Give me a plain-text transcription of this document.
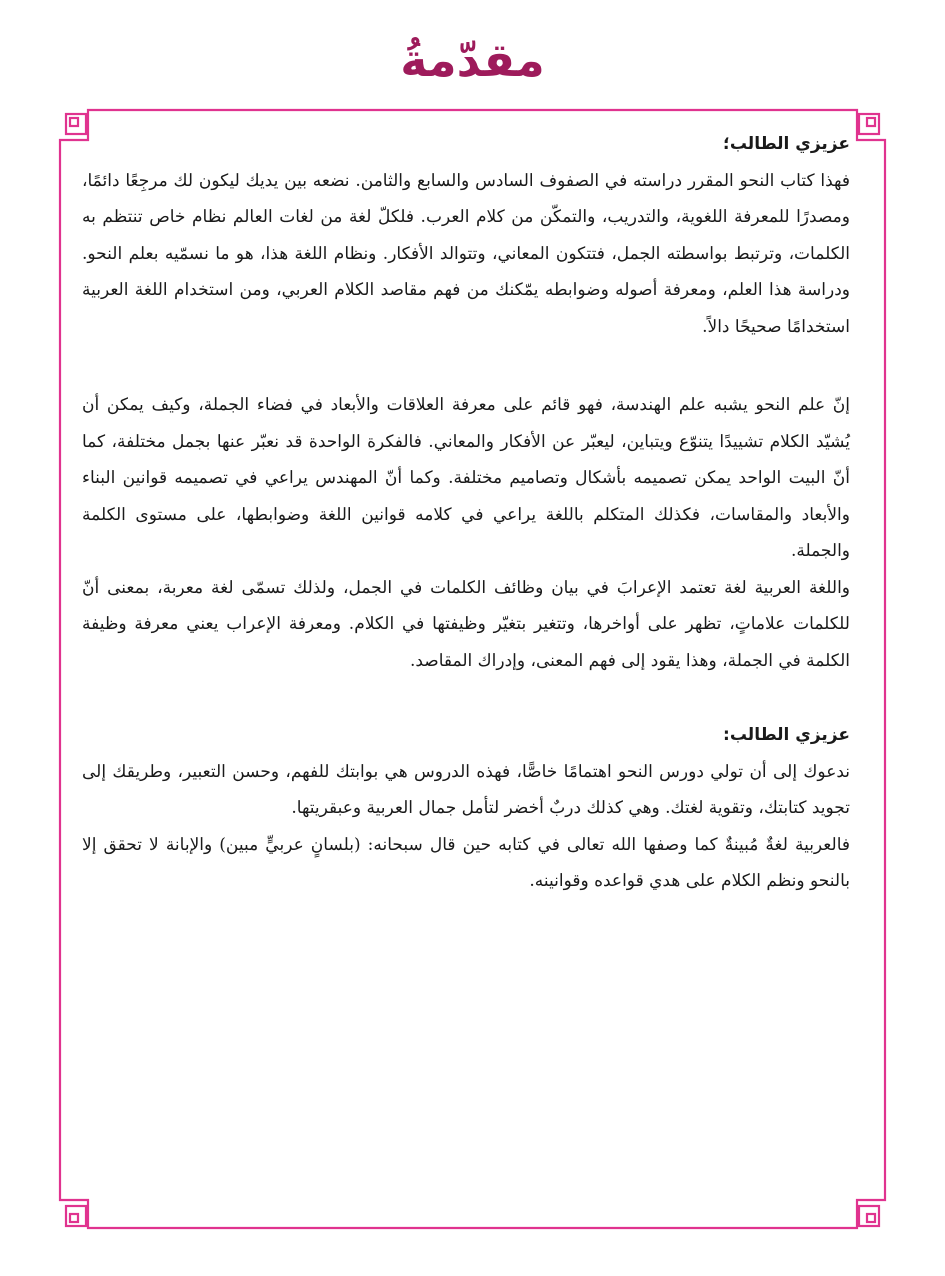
مقدّمةُ

عزيزي الطالب؛

فهذا كتاب النحو المقرر دراسته في الصفوف السادس والسابع والثامن. نضعه بين يديك ليكون لك مرجِعًا دائمًا، ومصدرًا للمعرفة اللغوية، والتدريب، والتمكّن من كلام العرب. فلكلّ لغة من لغات العالم نظام خاص تنتظم به الكلمات، وترتبط بواسطته الجمل، فتتكون المعاني، وتتوالد الأفكار. ونظام اللغة هذا، هو ما نسمّيه بعلم النحو. ودراسة هذا العلم، ومعرفة أصوله وضوابطه يمّكنك من فهم مقاصد الكلام العربي، ومن استخدام اللغة العربية استخدامًا صحيحًا دالاً.

إنّ علم النحو يشبه علم الهندسة، فهو قائم على معرفة العلاقات والأبعاد في فضاء الجملة، وكيف يمكن أن يُشيّد الكلام تشييدًا يتنوّع ويتباين، ليعبّر عن الأفكار والمعاني. فالفكرة الواحدة قد نعبّر عنها بجمل مختلفة، كما أنّ البيت الواحد يمكن تصميمه بأشكال وتصاميم مختلفة. وكما أنّ المهندس يراعي في تصميمه قوانين البناء والأبعاد والمقاسات، فكذلك المتكلم باللغة يراعي في كلامه قوانين اللغة وضوابطها، على مستوى الكلمة والجملة.

واللغة العربية لغة تعتمد الإعرابَ في بيان وظائف الكلمات في الجمل، ولذلك تسمّى لغة معربة، بمعنى أنّ للكلمات علاماتٍ، تظهر على أواخرها، وتتغير بتغيّر وظيفتها في الكلام. ومعرفة الإعراب يعني معرفة وظيفة الكلمة في الجملة، وهذا يقود إلى فهم المعنى، وإدراك المقاصد.

عزيزي الطالب:

ندعوك إلى أن تولي دورس النحو اهتمامًا خاصًّا، فهذه الدروس هي بوابتك للفهم، وحسن التعبير، وطريقك إلى تجويد كتابتك، وتقوية لغتك. وهي كذلك دربٌ أخضر لتأمل جمال العربية وعبقريتها.

فالعربية لغةٌ مُبينةٌ كما وصفها الله تعالى في كتابه حين قال سبحانه: (بلسانٍ عربيٍّ مبين) والإبانة لا تحقق إلا بالنحو ونظم الكلام على هدي قواعده وقوانينه.
